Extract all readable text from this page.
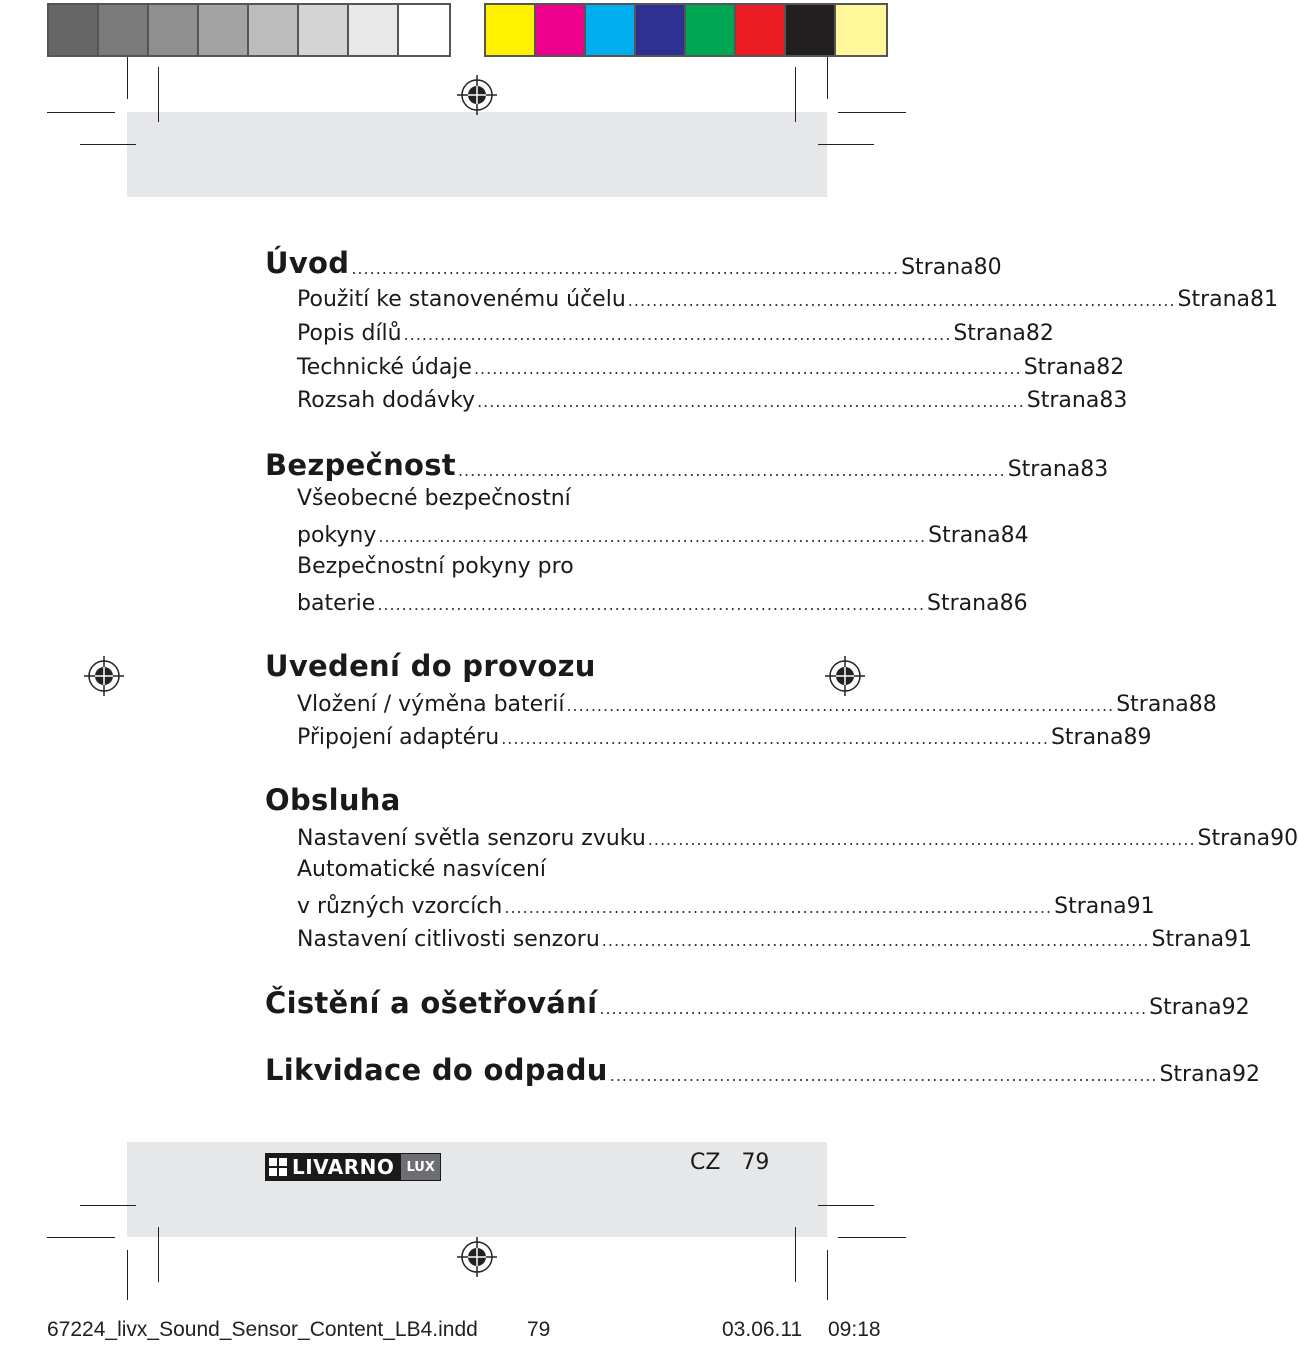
Úvod .......................................................................................... Strana 80
Použití ke stanovenému účelu .......................................................................................... Strana 81
Popis dílů .......................................................................................... Strana 82
Technické údaje .......................................................................................... Strana 82
Rozsah dodávky .......................................................................................... Strana 83
Bezpečnost .......................................................................................... Strana 83
Všeobecné bezpečnostní
pokyny .......................................................................................... Strana 84
Bezpečnostní pokyny pro
baterie .......................................................................................... Strana 86
Uvedení do provozu
Vložení / výměna baterií .......................................................................................... Strana 88
Připojení adaptéru .......................................................................................... Strana 89
Obsluha
Nastavení světla senzoru zvuku .......................................................................................... Strana 90
Automatické nasvícení
v různých vzorcích .......................................................................................... Strana 91
Nastavení citlivosti senzoru .......................................................................................... Strana 91
Čistění a ošetřování .......................................................................................... Strana 92
Likvidace do odpadu .......................................................................................... Strana 92
LIVARNO LUX	CZ 79
67224_livx_Sound_Sensor_Content_LB4.indd 79	03.06.11 09:18
